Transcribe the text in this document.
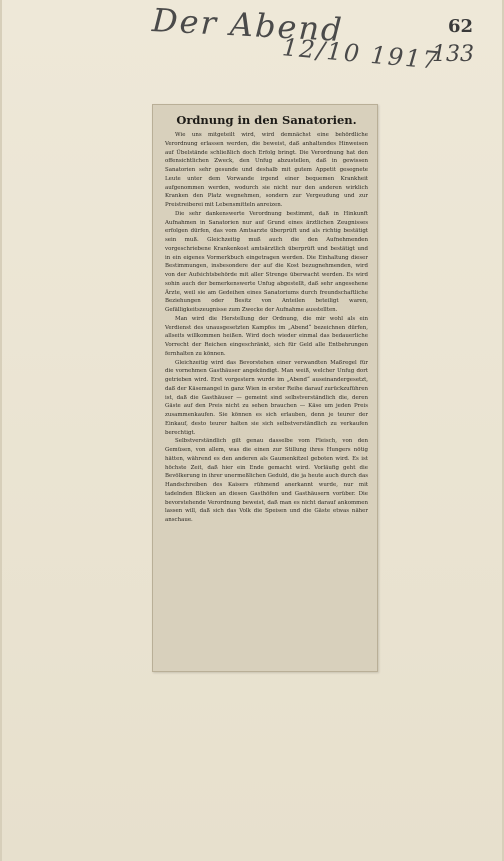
Der Abend
12/10 1917
62
133
Ordnung in den Sanatorien.

Wie uns mitgeteilt wird, wird demnächst eine behördliche Verordnung erlassen werden, die beweist, daß anhaltendes Hinweisen auf Übelstände schließlich doch Erfolg bringt. Die Verordnung hat den offensichtlichen Zweck, den Unfug abzustellen, daß in gewissen Sanatorien sehr gesunde und deshalb mit gutem Appetit gesegnete Leute unter dem Vorwande irgend einer bequemen Krankheit aufgenommen werden, wodurch sie nicht nur den anderen wirklich Kranken den Platz wegnehmen, sondern zur Vergeudung und zur Preistreiberei mit Lebensmitteln anreizen.

Die sehr dankenswerte Verordnung bestimmt, daß in Hinkunft Aufnahmen in Sanatorien nur auf Grund eines ärztlichen Zeugnisses erfolgen dürfen, das vom Amtsarzte überprüft und als richtig bestätigt sein muß. Gleichzeitig muß auch die den Aufnehmenden vorgeschriebene Krankenkost amtsärztlich überprüft und bestätigt und in ein eigenes Vormerkbuch eingetragen werden. Die Einhaltung dieser Bestimmungen, insbesondere der auf die Kost bezugnehmenden, wird von der Aufsichtsbehörde mit aller Strenge überwacht werden. Es wird sohin auch der bemerkenswerte Unfug abgestellt, daß sehr angesehene Ärzte, weil sie am Gedeihen eines Sanatoriums durch freundschaftliche Beziehungen oder Besitz von Anteilen beteiligt waren, Gefälligkeitszeugnisse zum Zwecke der Aufnahme ausstellten.

Man wird die Herstellung der Ordnung, die mir wohl als ein Verdienst des unausgesetzten Kampfes im „Abend“ bezeichnen dürfen, allseits willkommen heißen. Wird doch wieder einmal das bedauerliche Vorrecht der Reichen eingeschränkt, sich für Geld alle Entbehrungen fernhalten zu können.

Gleichzeitig wird das Bevorstehen einer verwandten Maßregel für die vornehmen Gasthäuser angekündigt. Man weiß, welcher Unfug dort getrieben wird. Erst vorgestern wurde im „Abend“ auseinandergesetzt, daß der Käsemangel in ganz Wien in erster Reihe darauf zurückzuführen ist, daß die Gasthäuser — gemeint sind selbstverständlich die, deren Gäste auf den Preis nicht zu sehen brauchen — Käse um jeden Preis zusammenkaufen. Sie können es sich erlauben, denn je teurer der Einkauf, desto teurer halten sie sich selbstverständlich zu verkaufen berechtigt.

Selbstverständlich gilt genau dasselbe vom Fleisch, von den Gemüsen, von allem, was die einen zur Stillung ihres Hungers nötig hätten, während es den anderen als Gaumenkitzel geboten wird. Es ist höchste Zeit, daß hier ein Ende gemacht wird. Vorläufig geht die Bevölkerung in ihrer unermeßlichen Geduld, die ja heute auch durch das Handschreiben des Kaisers rühmend anerkannt wurde, nur mit tadelnden Blicken an diesen Gasthöfen und Gasthäusern vorüber. Die bevorstehende Verordnung beweist, daß man es nicht darauf ankommen lassen will, daß sich das Volk die Speisen und die Gäste etwas näher anschaue.
